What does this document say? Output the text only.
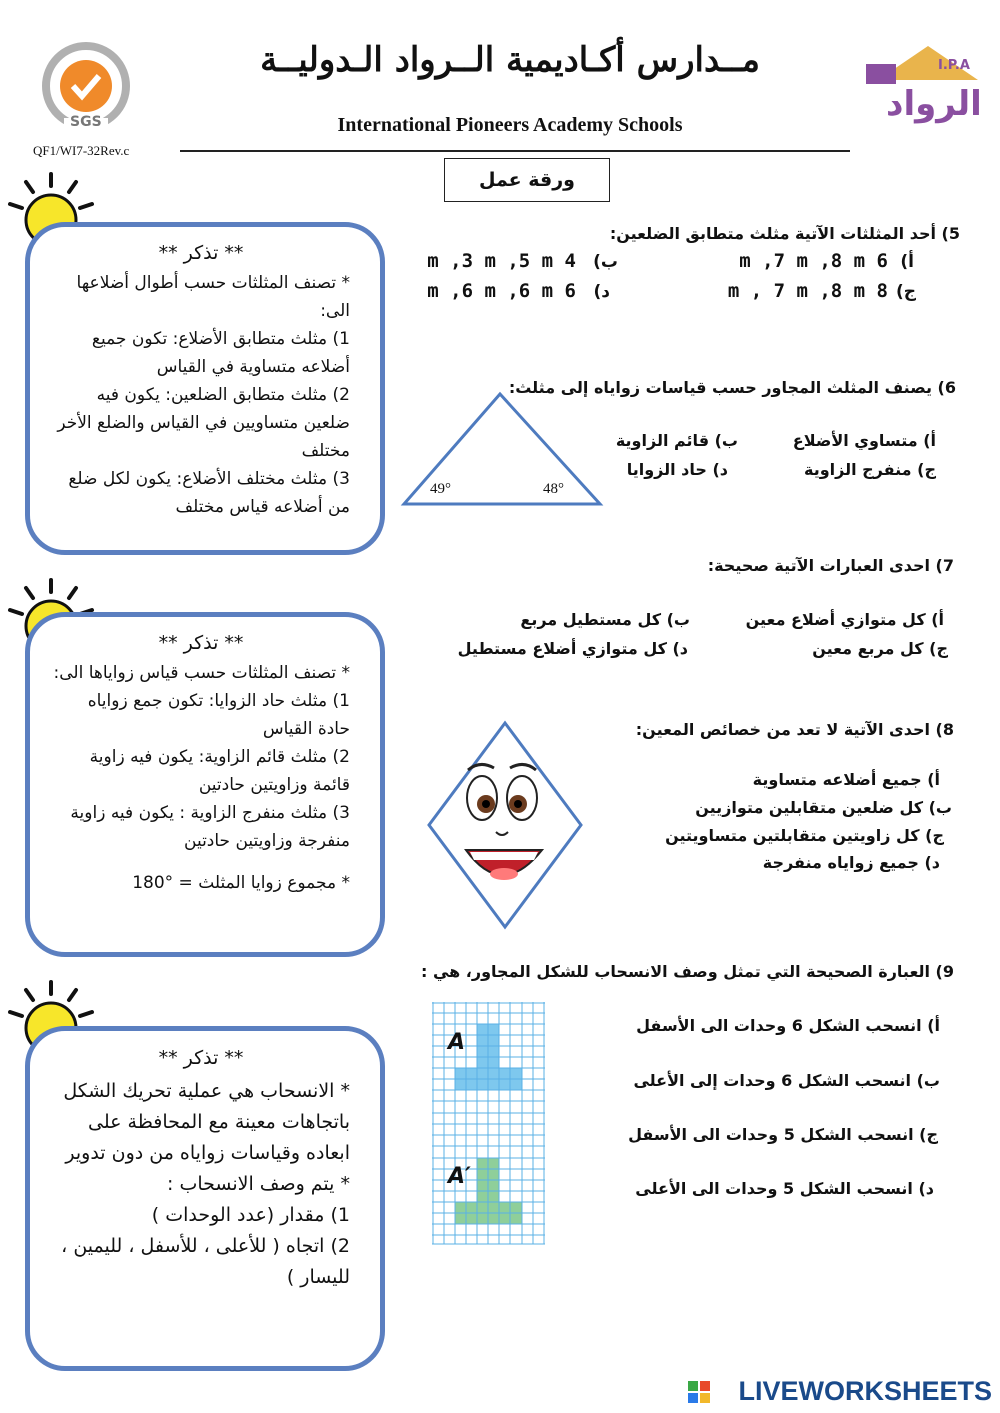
SGS
مــدارس أكـاديمية الــرواد الـدوليــة
International Pioneers Academy Schools
QF1/WI7-32Rev.c
I.P.A
الرواد
ورقة عمل
** تذكر **
* تصنف المثلثات حسب أطوال أضلاعها الى:
1) مثلث متطابق الأضلاع: تكون جميع أضلاعه متساوية في القياس
2) مثلث متطابق الضلعين: يكون فيه ضلعين متساويين في القياس والضلع الأخر مختلف
3) مثلث مختلف الأضلاع: يكون لكل ضلع من أضلاعه قياس مختلف
** تذكر **
* تصنف المثلثات حسب قياس زواياها الى:
1) مثلث حاد الزوايا: تكون جمع زواياه حادة القياس
2) مثلث قائم الزاوية: يكون فيه زاوية قائمة وزاويتين حادتين
3) مثلث منفرج الزاوية : يكون فيه زاوية منفرجة وزاويتين حادتين
* مجموع زوايا المثلث = °180
** تذكر **
* الانسحاب هي عملية تحريك الشكل باتجاهات معينة مع المحافظة على ابعاده وقياسات زواياه من دون تدوير
* يتم وصف الانسحاب :
1) مقدار (عدد الوحدات )
2) اتجاه ( للأعلى ، للأسفل ، لليمين ، لليسار )
5) أحد المثلثات الآتية مثلث متطابق الضلعين:
أ)
6 m ,7 m ,8 m
ب)
4 m ,3 m ,5 m
ج)
8 m , 7 m ,8 m
د)
6 m ,6 m ,6 m
6) يصنف المثلث المجاور حسب قياسات زواياه إلى مثلث:
49°	48°
أ) متساوي الأضلاع
ب) قائم الزاوية
ج) منفرج الزاوية
د) حاد الزوايا
7) احدى العبارات الآتية صحيحة:
أ) كل متوازي أضلاع معين
ب) كل مستطيل مربع
ج) كل مربع معين
د) كل متوازي أضلاع مستطيل
8) احدى الآتية لا تعد من خصائص المعين:
أ) جميع أضلاعه متساوية
ب) كل ضلعين متقابلين متوازيين
ج) كل زاويتين متقابلتين متساويتين
د) جميع زواياه منفرجة
9) العبارة الصحيحة التي تمثل وصف الانسحاب للشكل المجاور، هي :
A
A′
أ) انسحب الشكل 6 وحدات الى الأسفل
ب) انسحب الشكل 6 وحدات إلى الأعلى
ج) انسحب الشكل 5 وحدات الى الأسفل
د) انسحب الشكل 5 وحدات الى الأعلى
LIVEWORKSHEETS
